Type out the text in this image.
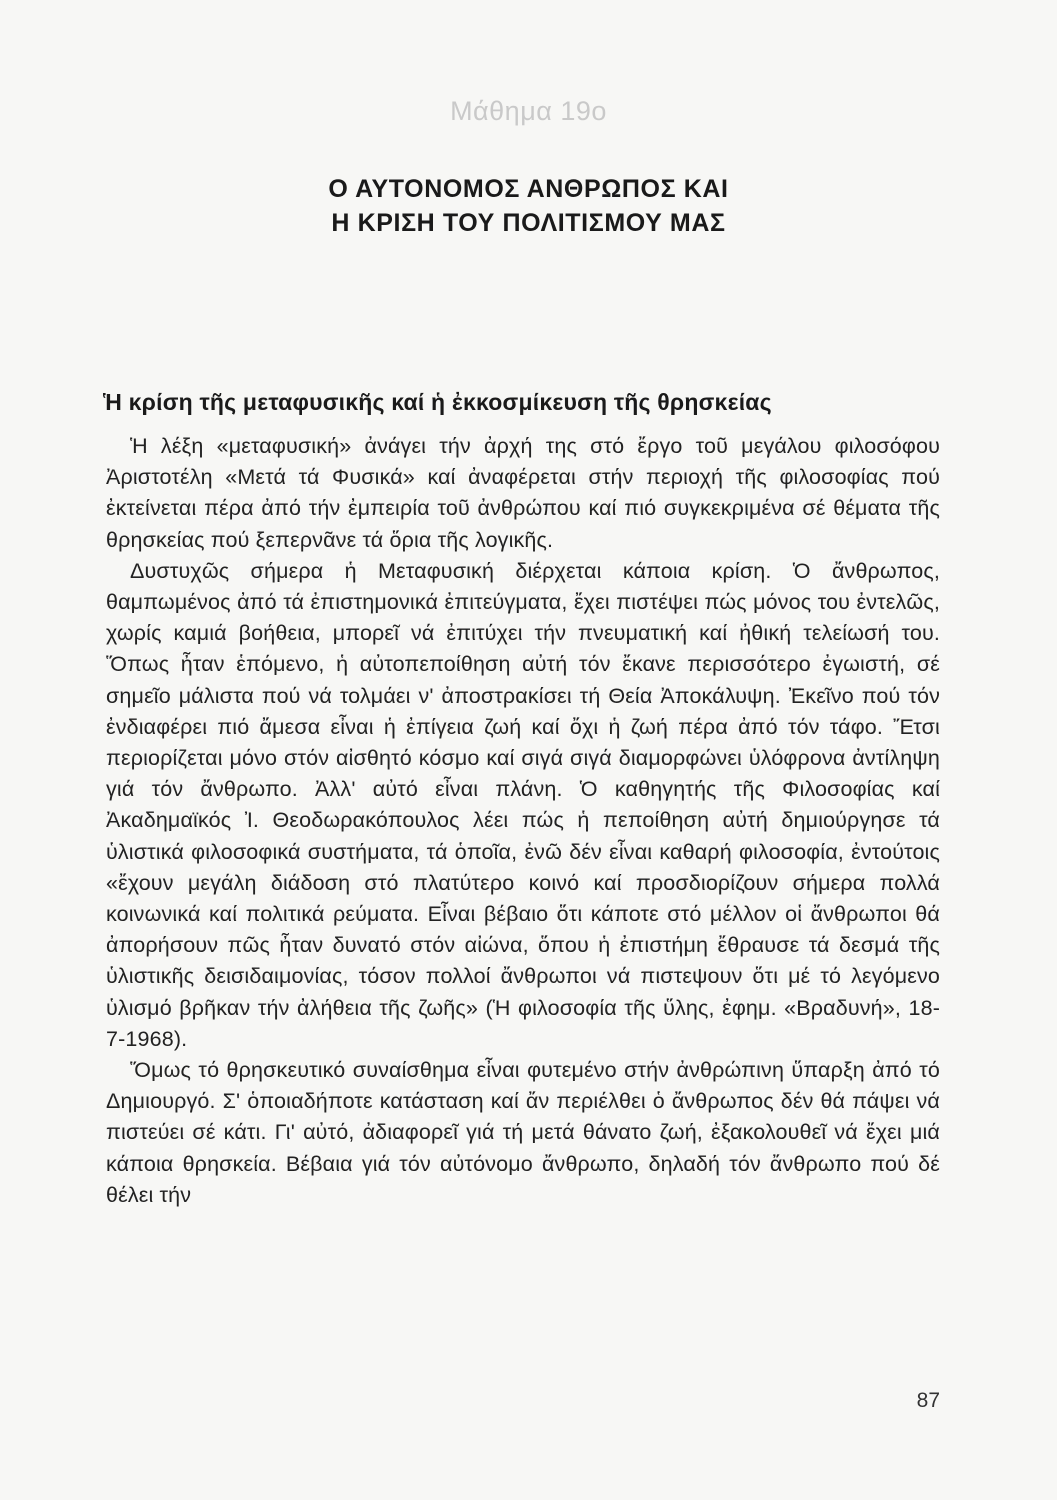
Μάθημα 19ο
Ο ΑΥΤΟΝΟΜΟΣ ΑΝΘΡΩΠΟΣ ΚΑΙ
Η ΚΡΙΣΗ ΤΟΥ ΠΟΛΙΤΙΣΜΟΥ ΜΑΣ
Ἡ κρίση τῆς μεταφυσικῆς καί ἡ ἐκκοσμίκευση τῆς θρησκείας

Ἡ λέξη «μεταφυσική» ἀνάγει τήν ἀρχή της στό ἔργο τοῦ μεγάλου φιλοσόφου Ἀριστοτέλη «Μετά τά Φυσικά» καί ἀναφέρεται στήν περιοχή τῆς φιλοσοφίας πού ἐκτείνεται πέρα ἀπό τήν ἐμπειρία τοῦ ἀνθρώπου καί πιό συγκεκριμένα σέ θέματα τῆς θρησκείας πού ξεπερνᾶνε τά ὅρια τῆς λογικῆς.

Δυστυχῶς σήμερα ἡ Μεταφυσική διέρχεται κάποια κρίση. Ὁ ἄνθρωπος, θαμπωμένος ἀπό τά ἐπιστημονικά ἐπιτεύγματα, ἔχει πιστέψει πώς μόνος του ἐντελῶς, χωρίς καμιά βοήθεια, μπορεῖ νά ἐπιτύχει τήν πνευματική καί ἠθική τελείωσή του. Ὅπως ἦταν ἑπόμενο, ἡ αὐτοπεποίθηση αὐτή τόν ἔκανε περισσότερο ἐγωιστή, σέ σημεῖο μάλιστα πού νά τολμάει ν' ἀποστρακίσει τή Θεία Ἀποκάλυψη. Ἐκεῖνο πού τόν ἐνδιαφέρει πιό ἄμεσα εἶναι ἡ ἐπίγεια ζωή καί ὄχι ἡ ζωή πέρα ἀπό τόν τάφο. Ἔτσι περιορίζεται μόνο στόν αἰσθητό κόσμο καί σιγά σιγά διαμορφώνει ὑλόφρονα ἀντίληψη γιά τόν ἄνθρωπο. Ἀλλ' αὐτό εἶναι πλάνη. Ὁ καθηγητής τῆς Φιλοσοφίας καί Ἀκαδημαϊκός Ἰ. Θεοδωρακόπουλος λέει πώς ἡ πεποίθηση αὐτή δημιούργησε τά ὑλιστικά φιλοσοφικά συστήματα, τά ὁποῖα, ἐνῶ δέν εἶναι καθαρή φιλοσοφία, ἐντούτοις «ἔχουν μεγάλη διάδοση στό πλατύτερο κοινό καί προσδιορίζουν σήμερα πολλά κοινωνικά καί πολιτικά ρεύματα. Εἶναι βέβαιο ὅτι κάποτε στό μέλλον οἱ ἄνθρωποι θά ἀπορήσουν πῶς ἦταν δυνατό στόν αἰώνα, ὅπου ἡ ἐπιστήμη ἔθραυσε τά δεσμά τῆς ὑλιστικῆς δεισιδαιμονίας, τόσον πολλοί ἄνθρωποι νά πιστεψουν ὅτι μέ τό λεγόμενο ὑλισμό βρῆκαν τήν ἀλήθεια τῆς ζωῆς» (Ἡ φιλοσοφία τῆς ὕλης, ἐφημ. «Βραδυνή», 18-7-1968).

Ὅμως τό θρησκευτικό συναίσθημα εἶναι φυτεμένο στήν ἀνθρώπινη ὕπαρξη ἀπό τό Δημιουργό. Σ' ὁποιαδήποτε κατάσταση καί ἄν περιέλθει ὁ ἄνθρωπος δέν θά πάψει νά πιστεύει σέ κάτι. Γι' αὐτό, ἀδιαφορεῖ γιά τή μετά θάνατο ζωή, ἐξακολουθεῖ νά ἔχει μιά κάποια θρησκεία. Βέβαια γιά τόν αὐτόνομο ἄνθρωπο, δηλαδή τόν ἄνθρωπο πού δέ θέλει τήν

87
